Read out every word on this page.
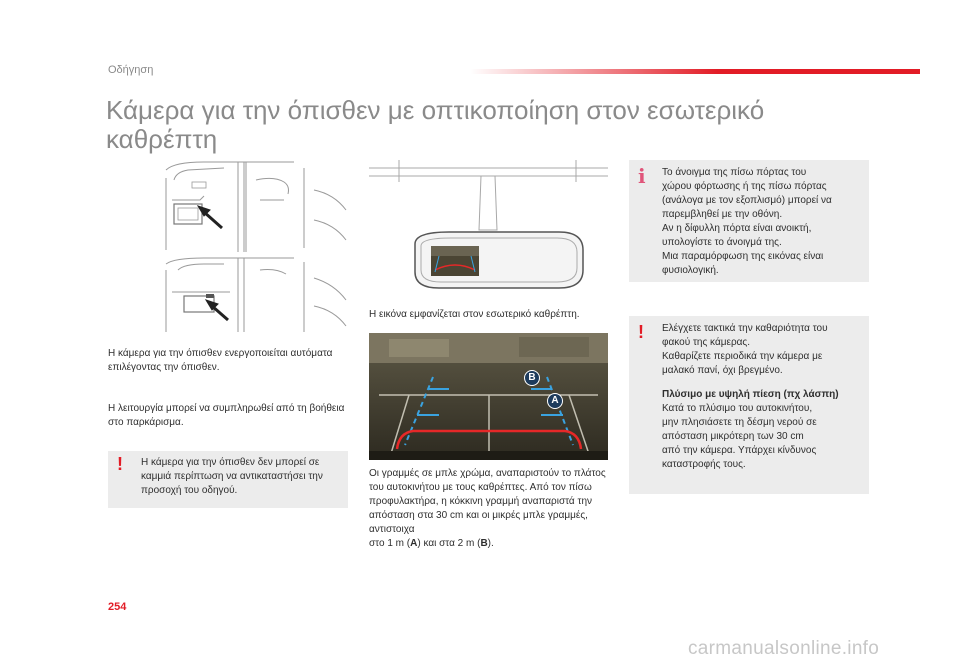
Οδήγηση
Κάμερα για την όπισθεν με οπτικοποίηση στον εσωτερικό
καθρέπτη
Η κάμερα για την όπισθεν ενεργοποιείται αυτόματα επιλέγοντας την όπισθεν.
Η λειτουργία μπορεί να συμπληρωθεί από τη βοήθεια στο παρκάρισμα.
! Η κάμερα για την όπισθεν δεν μπορεί σε καμμιά περίπτωση να αντικαταστήσει την προσοχή του οδηγού.
Η εικόνα εμφανίζεται στον εσωτερικό καθρέπτη.
B
A
Οι γραμμές σε μπλε χρώμα, αναπαριστούν το πλάτος του αυτοκινήτου με τους καθρέπτες. Από τον πίσω προφυλακτήρα, η κόκκινη γραμμή αναπαριστά την απόσταση στα 30 cm και οι μικρές μπλε γραμμές, αντιστοιχα
στο 1 m (A) και στα 2 m (B).
i Το άνοιγμα της πίσω πόρτας του
χώρου φόρτωσης ή της πίσω πόρτας
(ανάλογα με τον εξοπλισμό) μπορεί να
παρεμβληθεί με την οθόνη.
Αν η δίφυλλη πόρτα είναι ανοικτή,
υπολογίστε το άνοιγμά της.
Μια παραμόρφωση της εικόνας είναι
φυσιολογική.
! Ελέγχετε τακτικά την καθαριότητα του
φακού της κάμερας.
Καθαρίζετε περιοδικά την κάμερα με
μαλακό πανί, όχι βρεγμένο.
Πλύσιμο με υψηλή πίεση (πχ λάσπη)
Κατά το πλύσιμο του αυτοκινήτου,
μην πλησιάσετε τη δέσμη νερού σε
απόσταση μικρότερη των 30 cm
από την κάμερα. Υπάρχει κίνδυνος
καταστροφής τους.
254
carmanualsonline.info
